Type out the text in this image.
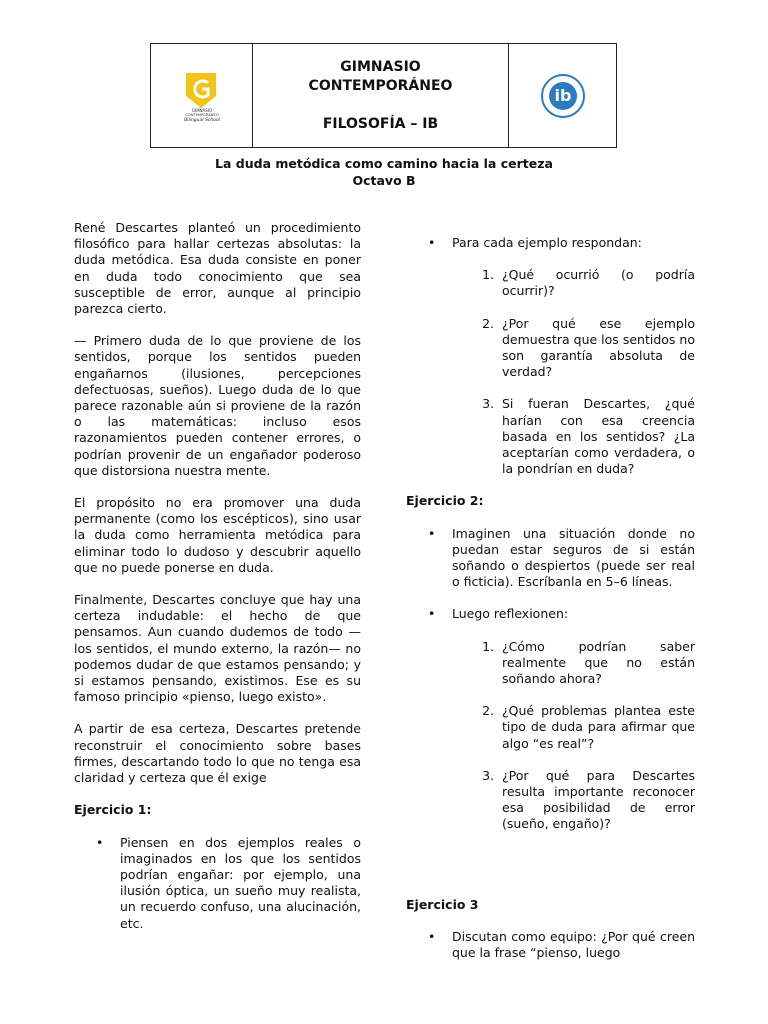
GIMNASIO
CONTEMPORÁNEO
Bilingual School
GIMNASIO
CONTEMPORÁNEO
FILOSOFÍA – IB
ib
La duda metódica como camino hacia la certeza
Octavo B

René Descartes planteó un procedimiento filosófico para hallar certezas absolutas: la duda metódica. Esa duda consiste en poner en duda todo conocimiento que sea susceptible de error, aunque al principio parezca cierto.

— Primero duda de lo que proviene de los sentidos, porque los sentidos pueden engañarnos (ilusiones, percepciones defectuosas, sueños). Luego duda de lo que parece razonable aún si proviene de la razón o las matemáticas: incluso esos razonamientos pueden contener errores, o podrían provenir de un engañador poderoso que distorsiona nuestra mente.

El propósito no era promover una duda permanente (como los escépticos), sino usar la duda como herramienta metódica para eliminar todo lo dudoso y descubrir aquello que no puede ponerse en duda.

Finalmente, Descartes concluye que hay una certeza indudable: el hecho de que pensamos. Aun cuando dudemos de todo —los sentidos, el mundo externo, la razón— no podemos dudar de que estamos pensando; y si estamos pensando, existimos. Ese es su famoso principio «pienso, luego existo».

A partir de esa certeza, Descartes pretende reconstruir el conocimiento sobre bases firmes, descartando todo lo que no tenga esa claridad y certeza que él exige

Ejercicio 1:

•	Piensen en dos ejemplos reales o imaginados en los que los sentidos podrían engañar: por ejemplo, una ilusión óptica, un sueño muy realista, un recuerdo confuso, una alucinación, etc.
•	Para cada ejemplo respondan:
1. ¿Qué ocurrió (o podría ocurrir)?
2. ¿Por qué ese ejemplo demuestra que los sentidos no son garantía absoluta de verdad?
3. Si fueran Descartes, ¿qué harían con esa creencia basada en los sentidos? ¿La aceptarían como verdadera, o la pondrían en duda?

Ejercicio 2:

•	Imaginen una situación donde no puedan estar seguros de si están soñando o despiertos (puede ser real o ficticia). Escríbanla en 5–6 líneas.
•	Luego reflexionen:
1. ¿Cómo podrían saber realmente que no están soñando ahora?
2. ¿Qué problemas plantea este tipo de duda para afirmar que algo “es real”?
3. ¿Por qué para Descartes resulta importante reconocer esa posibilidad de error (sueño, engaño)?

Ejercicio 3

•	Discutan como equipo: ¿Por qué creen que la frase “pienso, luego
